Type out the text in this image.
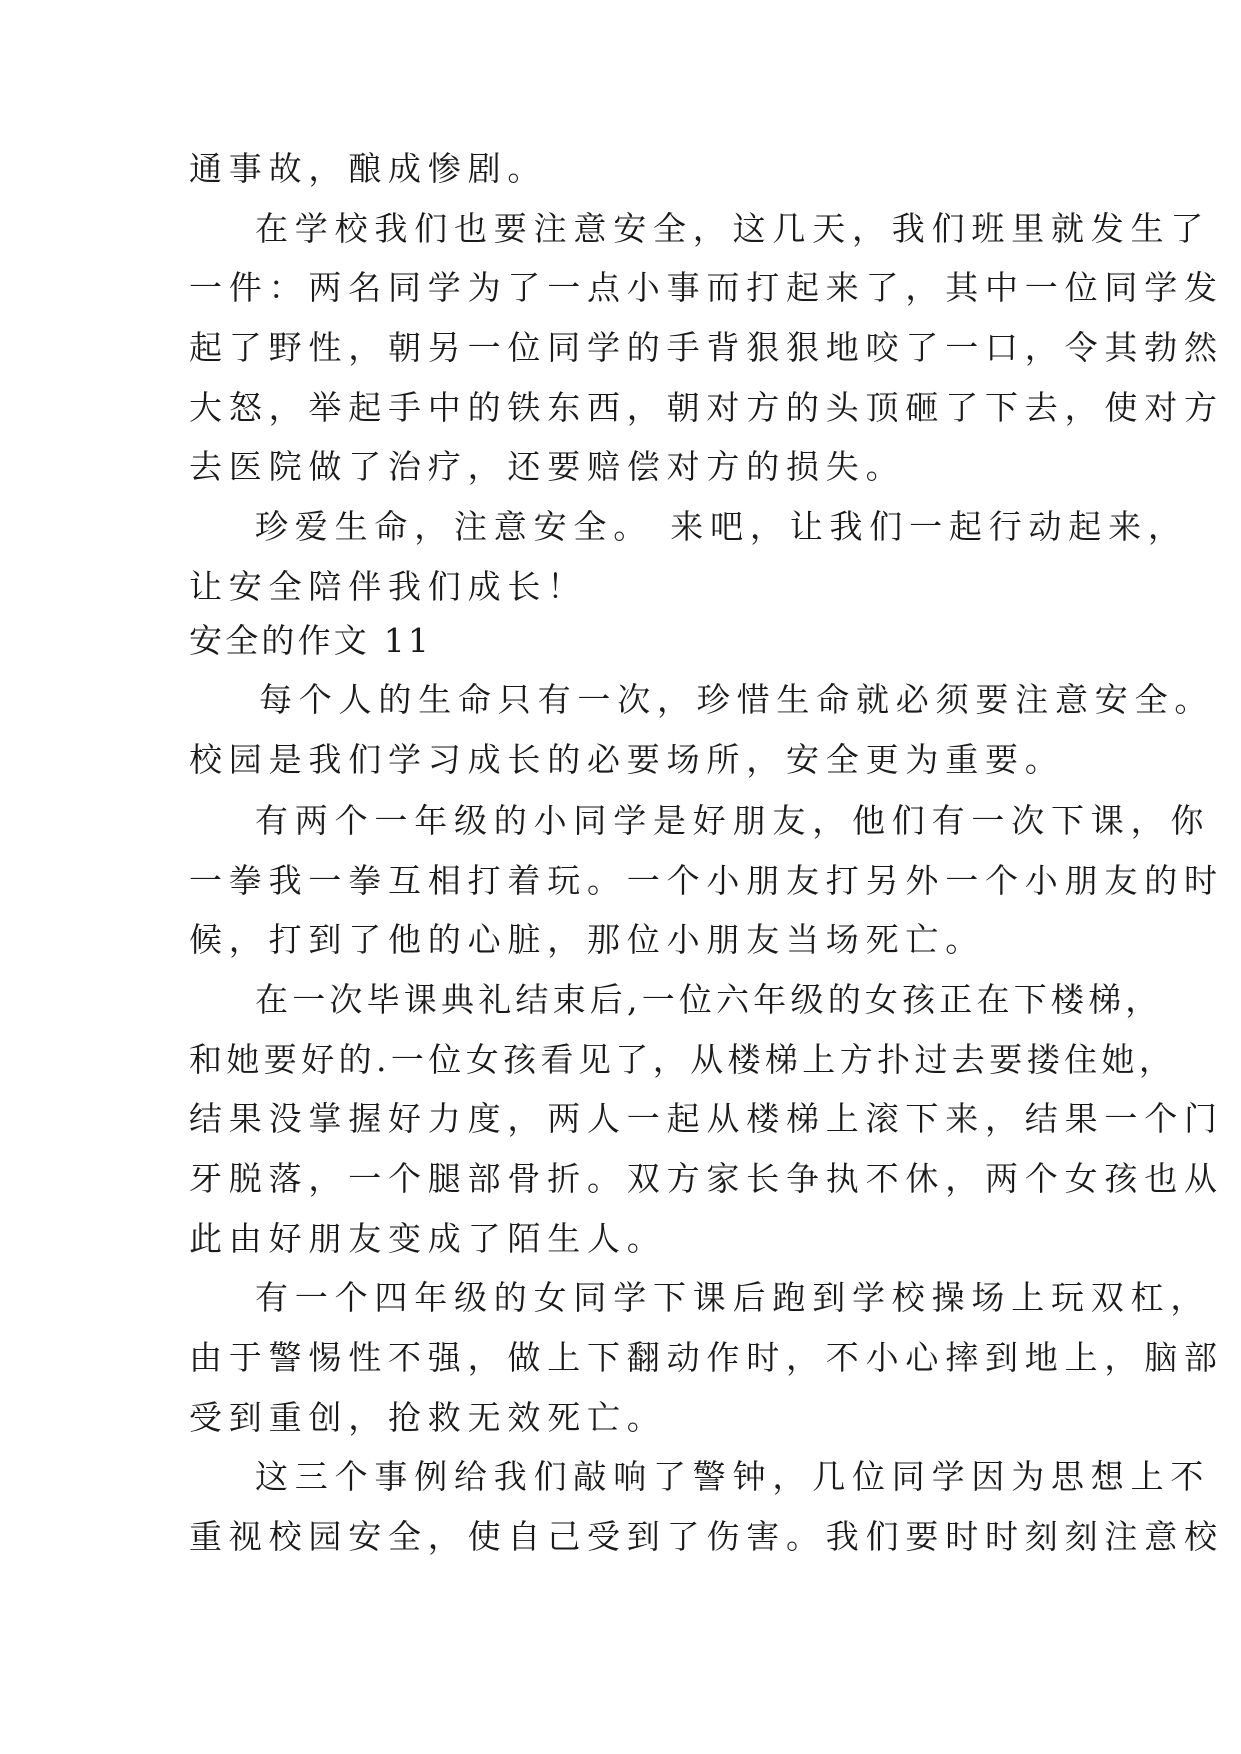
通事故，酿成惨剧。
在学校我们也要注意安全，这几天，我们班里就发生了
一件：两名同学为了一点小事而打起来了，其中一位同学发
起了野性，朝另一位同学的手背狠狠地咬了一口，令其勃然
大怒，举起手中的铁东西，朝对方的头顶砸了下去，使对方
去医院做了治疗，还要赔偿对方的损失。
珍爱生命，注意安全。 来吧，让我们一起行动起来，
让安全陪伴我们成长！
安全的作文 11
每个人的生命只有一次，珍惜生命就必须要注意安全。
校园是我们学习成长的必要场所，安全更为重要。
有两个一年级的小同学是好朋友，他们有一次下课，你
一拳我一拳互相打着玩。一个小朋友打另外一个小朋友的时
候，打到了他的心脏，那位小朋友当场死亡。
在一次毕课典礼结束后,一位六年级的女孩正在下楼梯，
和她要好的.一位女孩看见了，从楼梯上方扑过去要搂住她，
结果没掌握好力度，两人一起从楼梯上滚下来，结果一个门
牙脱落，一个腿部骨折。双方家长争执不休，两个女孩也从
此由好朋友变成了陌生人。
有一个四年级的女同学下课后跑到学校操场上玩双杠，
由于警惕性不强，做上下翻动作时，不小心摔到地上，脑部
受到重创，抢救无效死亡。
这三个事例给我们敲响了警钟，几位同学因为思想上不
重视校园安全，使自己受到了伤害。我们要时时刻刻注意校
